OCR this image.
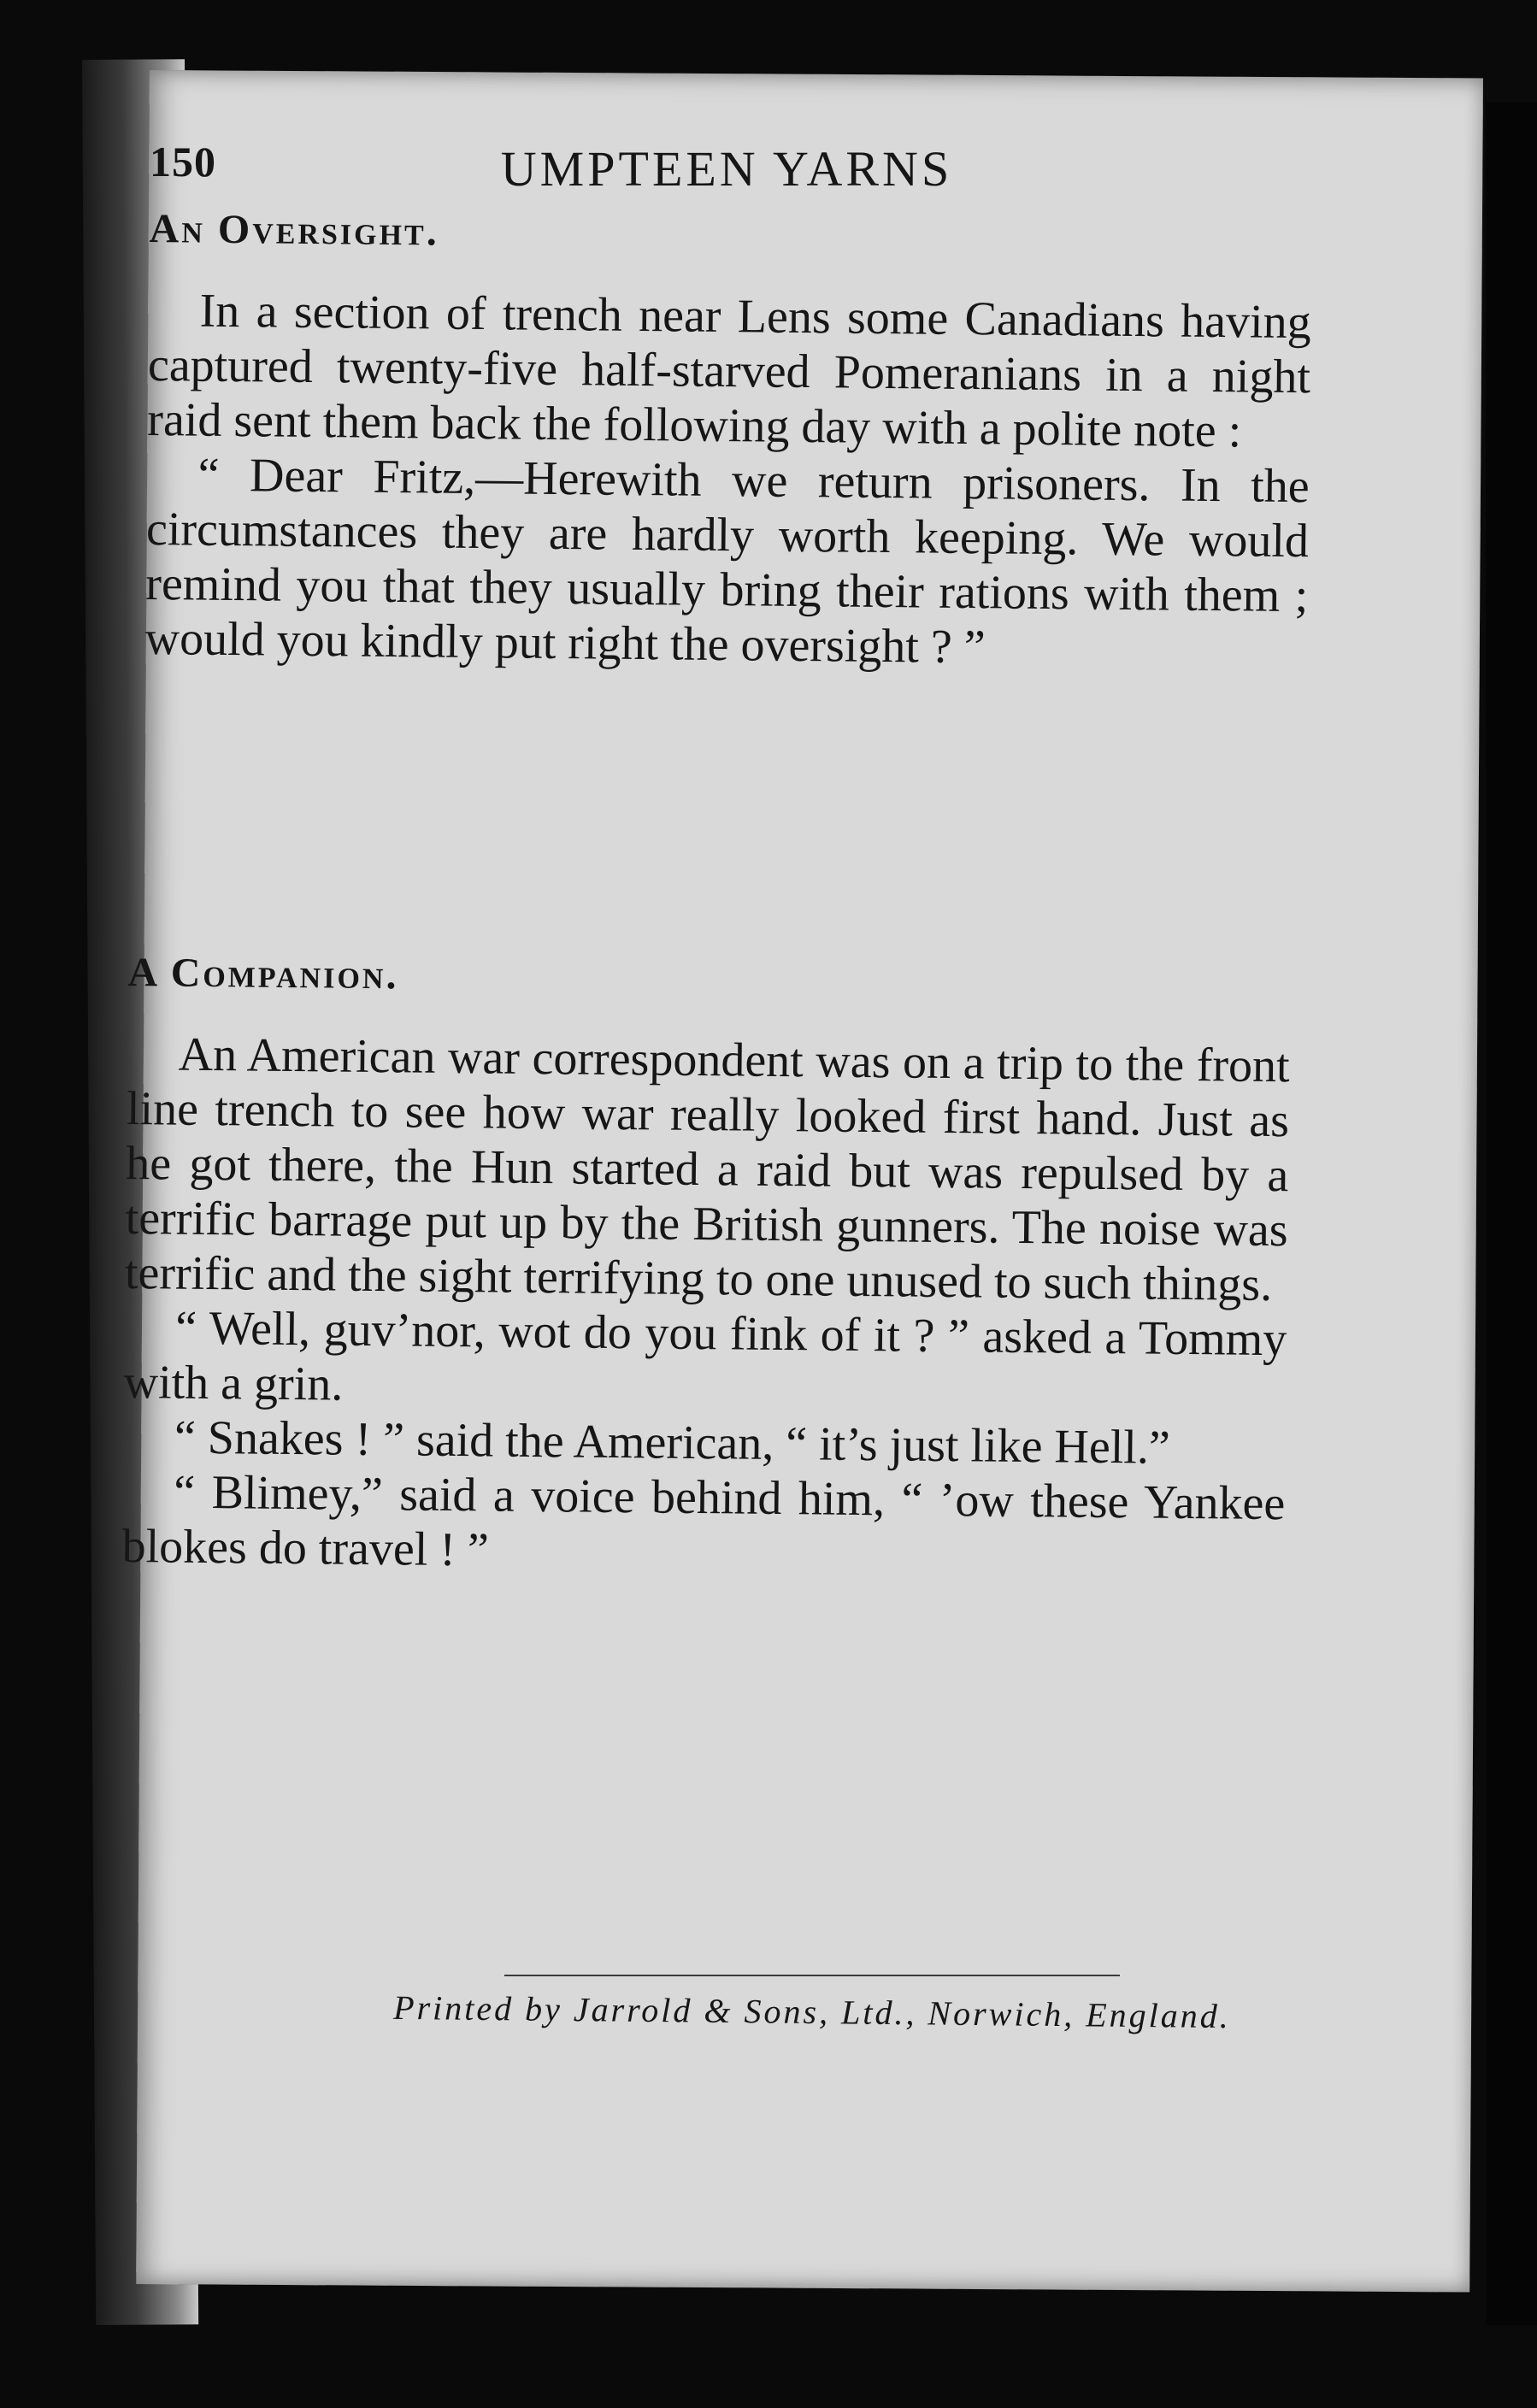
150	UMPTEEN YARNS
An Oversight.

In a section of trench near Lens some Canadians having captured twenty-five half-starved Pomeranians in a night raid sent them back the following day with a polite note :

“ Dear Fritz,—Herewith we return prisoners. In the circumstances they are hardly worth keeping. We would remind you that they usually bring their rations with them ; would you kindly put right the oversight ? ”

A Companion.

An American war correspondent was on a trip to the front line trench to see how war really looked first hand. Just as he got there, the Hun started a raid but was repulsed by a terrific barrage put up by the British gunners. The noise was terrific and the sight terrifying to one unused to such things.

“ Well, guv’nor, wot do you fink of it ? ” asked a Tommy with a grin.

“ Snakes ! ” said the American, “ it’s just like Hell.”

“ Blimey,” said a voice behind him, “ ’ow these Yankee blokes do travel ! ”

Printed by Jarrold & Sons, Ltd., Norwich, England.
